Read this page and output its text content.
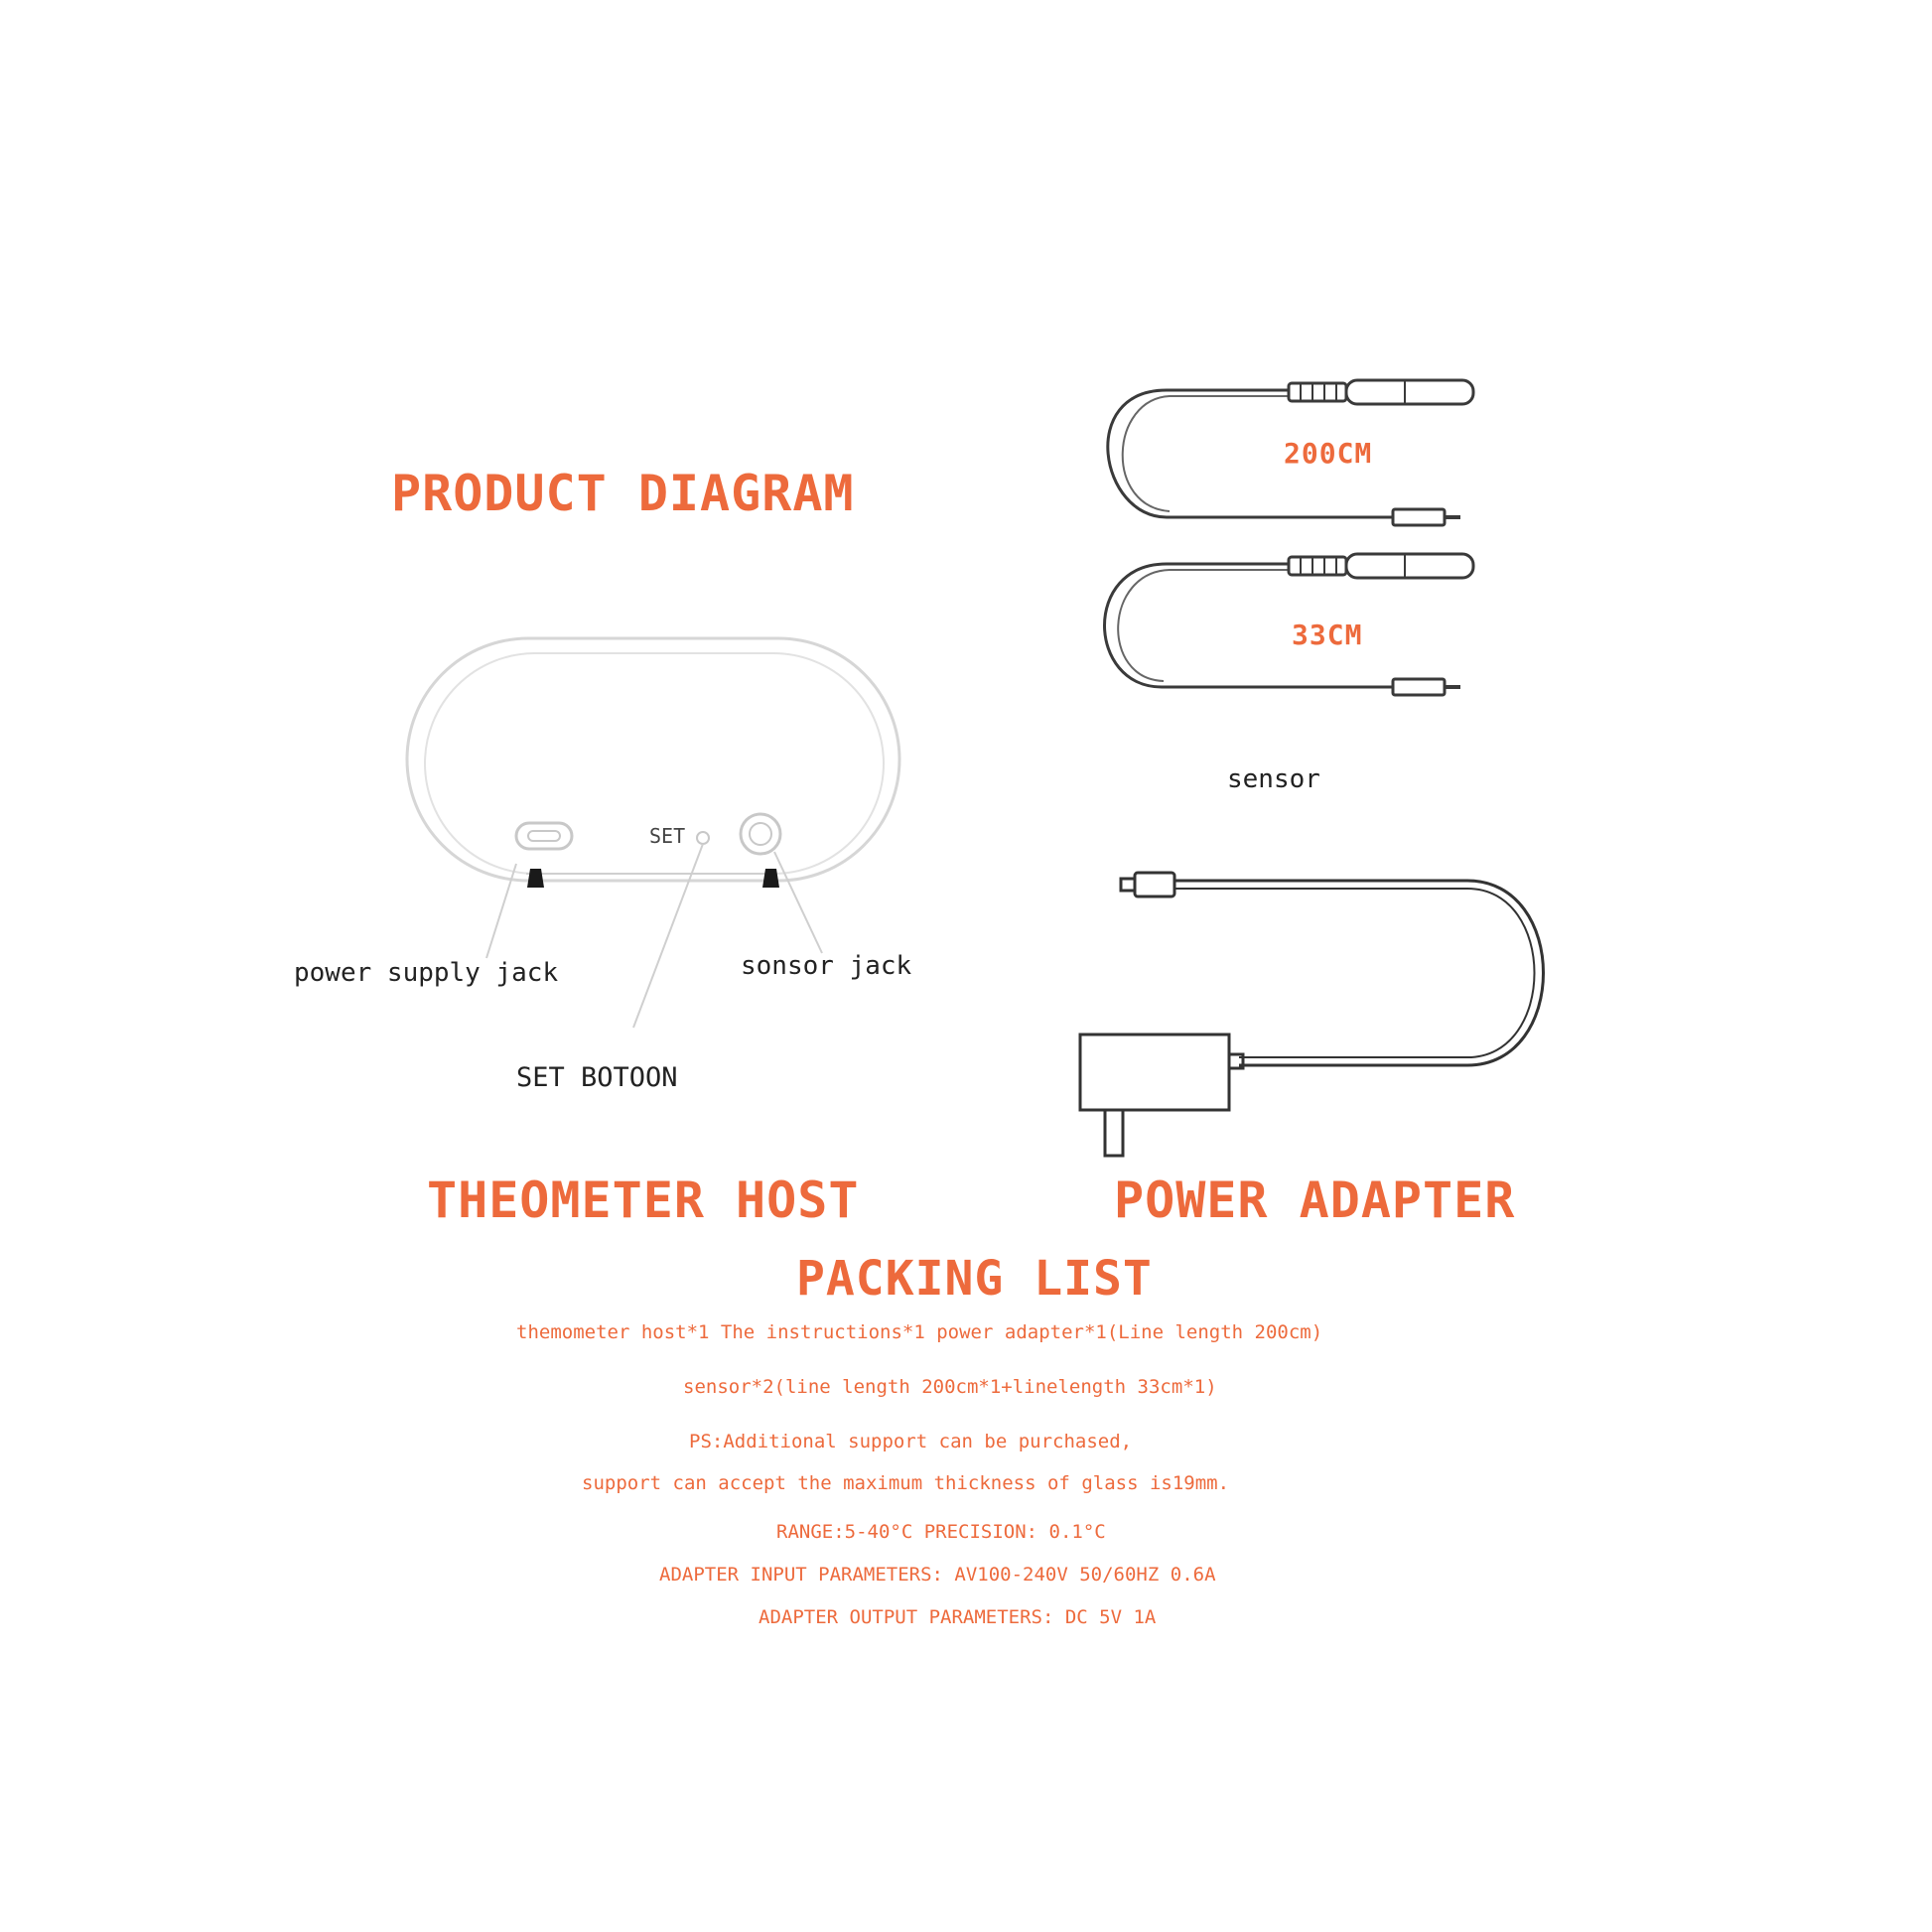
PRODUCT DIAGRAM
SET
power supply jack	sonsor jack
SET BOTOON
200CM
33CM
sensor
THEOMETER HOST	POWER ADAPTER
PACKING LIST
themometer host*1 The instructions*1 power adapter*1(Line length 200cm)
sensor*2(line length 200cm*1+linelength 33cm*1)
PS:Additional support can be purchased,
support can accept the maximum thickness of glass is19mm.
RANGE:5-40°C PRECISION: 0.1°C
ADAPTER INPUT PARAMETERS: AV100-240V 50/60HZ 0.6A
ADAPTER OUTPUT PARAMETERS: DC 5V 1A
